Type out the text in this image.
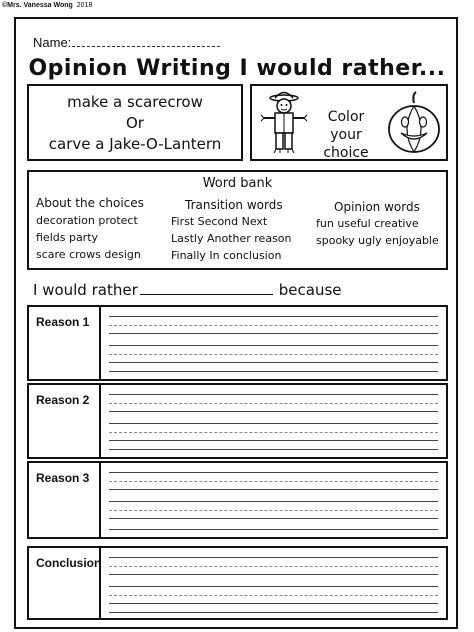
©Mrs. Vanessa Wong 2018
Name:
Opinion Writing I would rather...
make a scarecrow
Or
carve a Jake-O-Lantern
Color your
choice
Word bank
About the choices
decoration protect
fields party
scare crows design
Transition words
First Second Next
Lastly Another reason
Finally In conclusion
Opinion words
fun useful creative
spooky ugly enjoyable
I would rather	because
Reason 1
Reason 2
Reason 3
Conclusion
